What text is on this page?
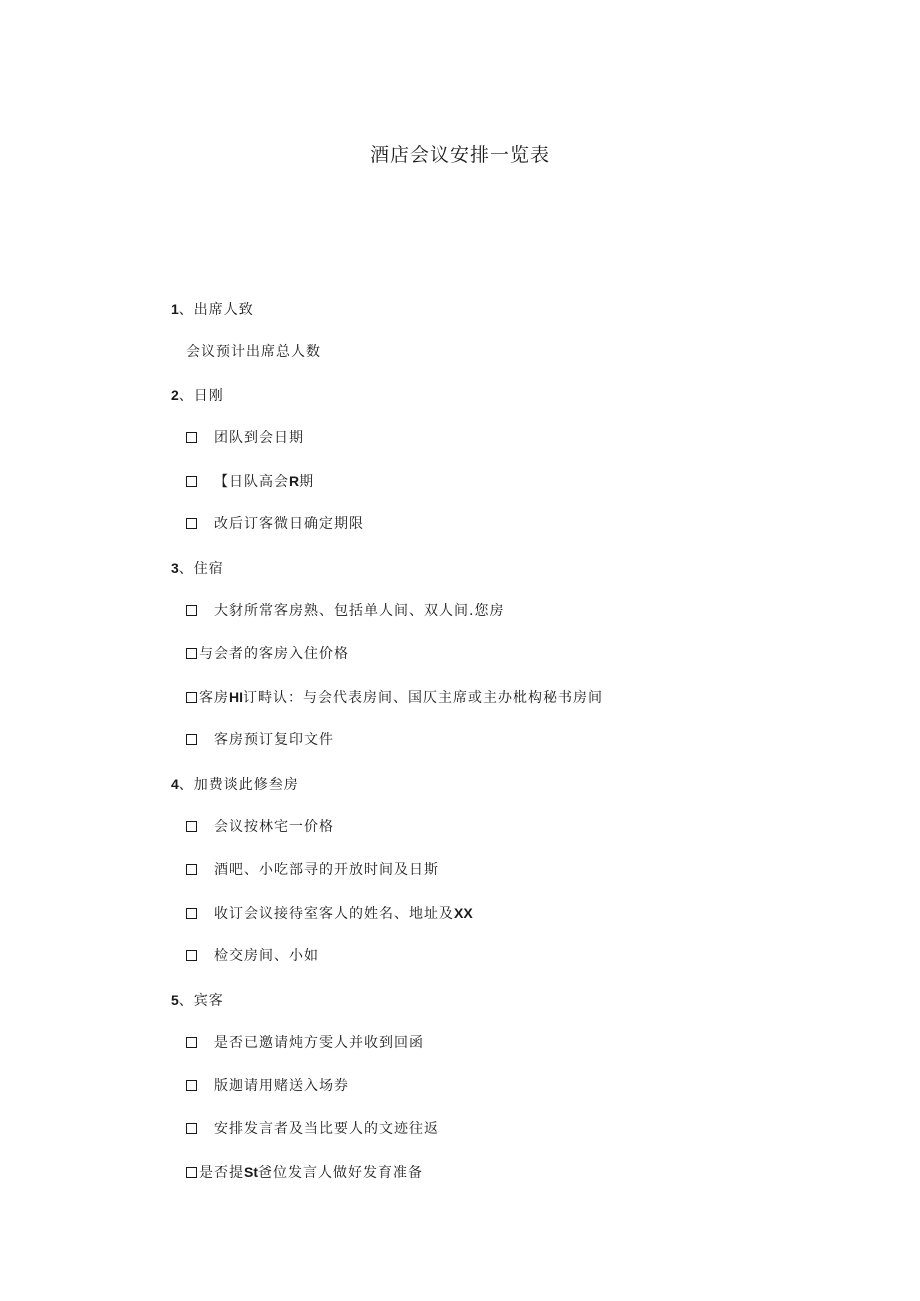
酒店会议安排一览表
1、出席人致
会议预计出席总人数
2、日刚
团队到会日期
【日队高会R期
改后订客微日确定期限
3、住宿
大豺所常客房熟、包括单人间、双人间.您房
与会者的客房入住价格
客房HI订畤认：与会代表房间、国仄主席或主办枇构秘书房间
客房预订复印文件
4、加费谈此修叁房
会议按林宅一价格
酒吧、小吃部寻的开放时间及日斯
收订会议接待室客人的姓名、地址及XX
检交房间、小如
5、宾客
是否已邀请炖方雯人并收到回函
版迦请用赌送入场券
安排发言者及当比要人的文迹往返
是否提St爸位发言人做好发育准备
